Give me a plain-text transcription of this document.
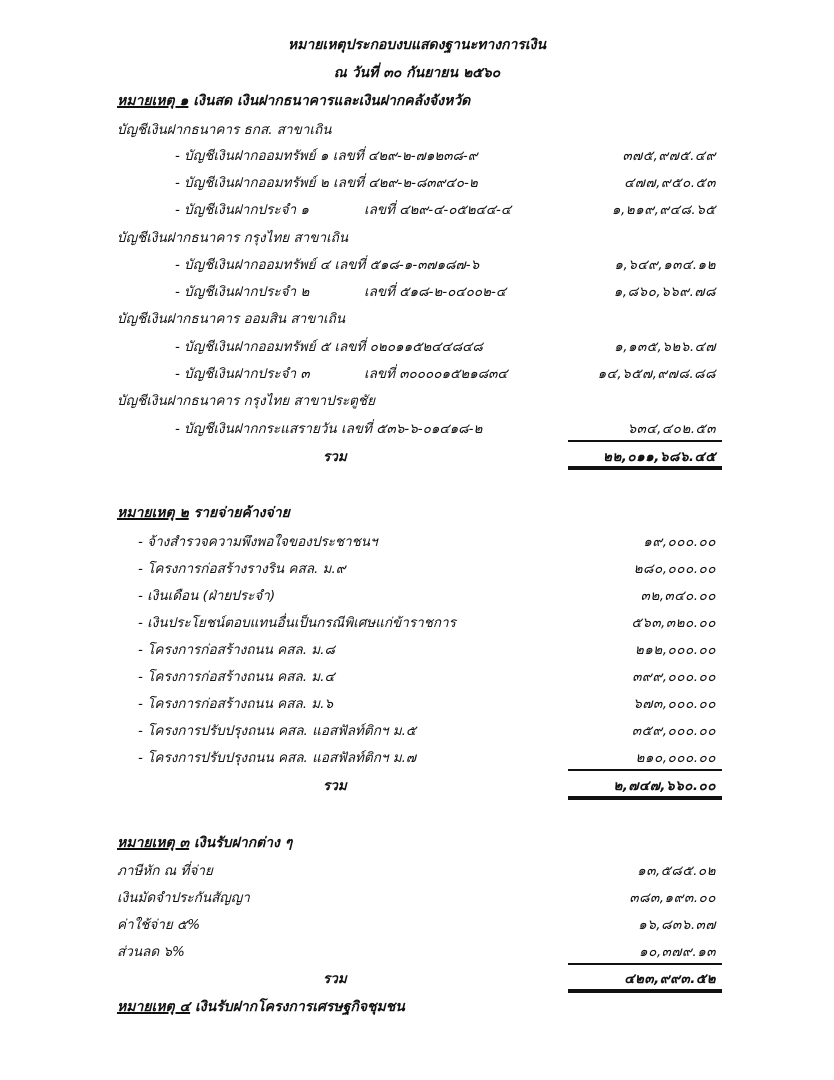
หมายเหตุประกอบงบแสดงฐานะทางการเงิน
ณ วันที่ ๓๐ กันยายน ๒๕๖๐
หมายเหตุ ๑ เงินสด เงินฝากธนาคารและเงินฝากคลังจังหวัด
บัญชีเงินฝากธนาคาร ธกส. สาขาเถิน
- บัญชีเงินฝากออมทรัพย์ ๑ เลขที่ ๔๒๙-๒-๗๑๒๓๘-๙	๓๗๕,๙๗๕.๔๙
- บัญชีเงินฝากออมทรัพย์ ๒ เลขที่ ๔๒๙-๒-๘๓๙๔๐-๒	๔๗๗,๙๕๐.๕๓
- บัญชีเงินฝากประจำ ๑	เลขที่ ๔๒๙-๔-๐๕๒๔๔-๔	๑,๒๑๙,๙๔๘.๖๕
บัญชีเงินฝากธนาคาร กรุงไทย สาขาเถิน
- บัญชีเงินฝากออมทรัพย์ ๔ เลขที่ ๕๑๘-๑-๓๗๑๘๗-๖	๑,๖๔๙,๑๓๔.๑๒
- บัญชีเงินฝากประจำ ๒	เลขที่ ๕๑๘-๒-๐๔๐๐๒-๔	๑,๘๖๐,๖๖๙.๗๘
บัญชีเงินฝากธนาคาร ออมสิน สาขาเถิน
- บัญชีเงินฝากออมทรัพย์ ๕ เลขที่ ๐๒๐๑๑๕๒๔๔๘๔๘	๑,๑๓๕,๖๒๖.๔๗
- บัญชีเงินฝากประจำ ๓	เลขที่ ๓๐๐๐๐๑๕๒๑๘๓๔	๑๔,๖๕๗,๙๗๘.๘๘
บัญชีเงินฝากธนาคาร กรุงไทย สาขาประตูชัย
- บัญชีเงินฝากกระแสรายวัน เลขที่ ๕๓๖-๖-๐๑๔๑๘-๒	๖๓๔,๔๐๒.๕๓
รวม	๒๒,๐๑๑,๖๘๖.๔๕
หมายเหตุ ๒ รายจ่ายค้างจ่าย
- จ้างสำรวจความพึงพอใจของประชาชนฯ	๑๙,๐๐๐.๐๐
- โครงการก่อสร้างรางริน คสล. ม.๙	๒๘๐,๐๐๐.๐๐
- เงินเดือน (ฝ่ายประจำ)	๓๒,๓๔๐.๐๐
- เงินประโยชน์ตอบแทนอื่นเป็นกรณีพิเศษแก่ข้าราชการ	๕๖๓,๓๒๐.๐๐
- โครงการก่อสร้างถนน คสล. ม.๘	๒๑๒,๐๐๐.๐๐
- โครงการก่อสร้างถนน คสล. ม.๔	๓๙๙,๐๐๐.๐๐
- โครงการก่อสร้างถนน คสล. ม.๖	๖๗๓,๐๐๐.๐๐
- โครงการปรับปรุงถนน คสล. แอสฟัลท์ติกฯ ม.๕	๓๕๙,๐๐๐.๐๐
- โครงการปรับปรุงถนน คสล. แอสฟัลท์ติกฯ ม.๗	๒๑๐,๐๐๐.๐๐
รวม	๒,๗๔๗,๖๖๐.๐๐
หมายเหตุ ๓ เงินรับฝากต่าง ๆ
ภาษีหัก ณ ที่จ่าย	๑๓,๕๘๕.๐๒
เงินมัดจำประกันสัญญา	๓๘๓,๑๙๓.๐๐
ค่าใช้จ่าย ๕%	๑๖,๘๓๖.๓๗
ส่วนลด ๖%	๑๐,๓๗๙.๑๓
รวม	๔๒๓,๙๙๓.๕๒
หมายเหตุ ๔ เงินรับฝากโครงการเศรษฐกิจชุมชน
